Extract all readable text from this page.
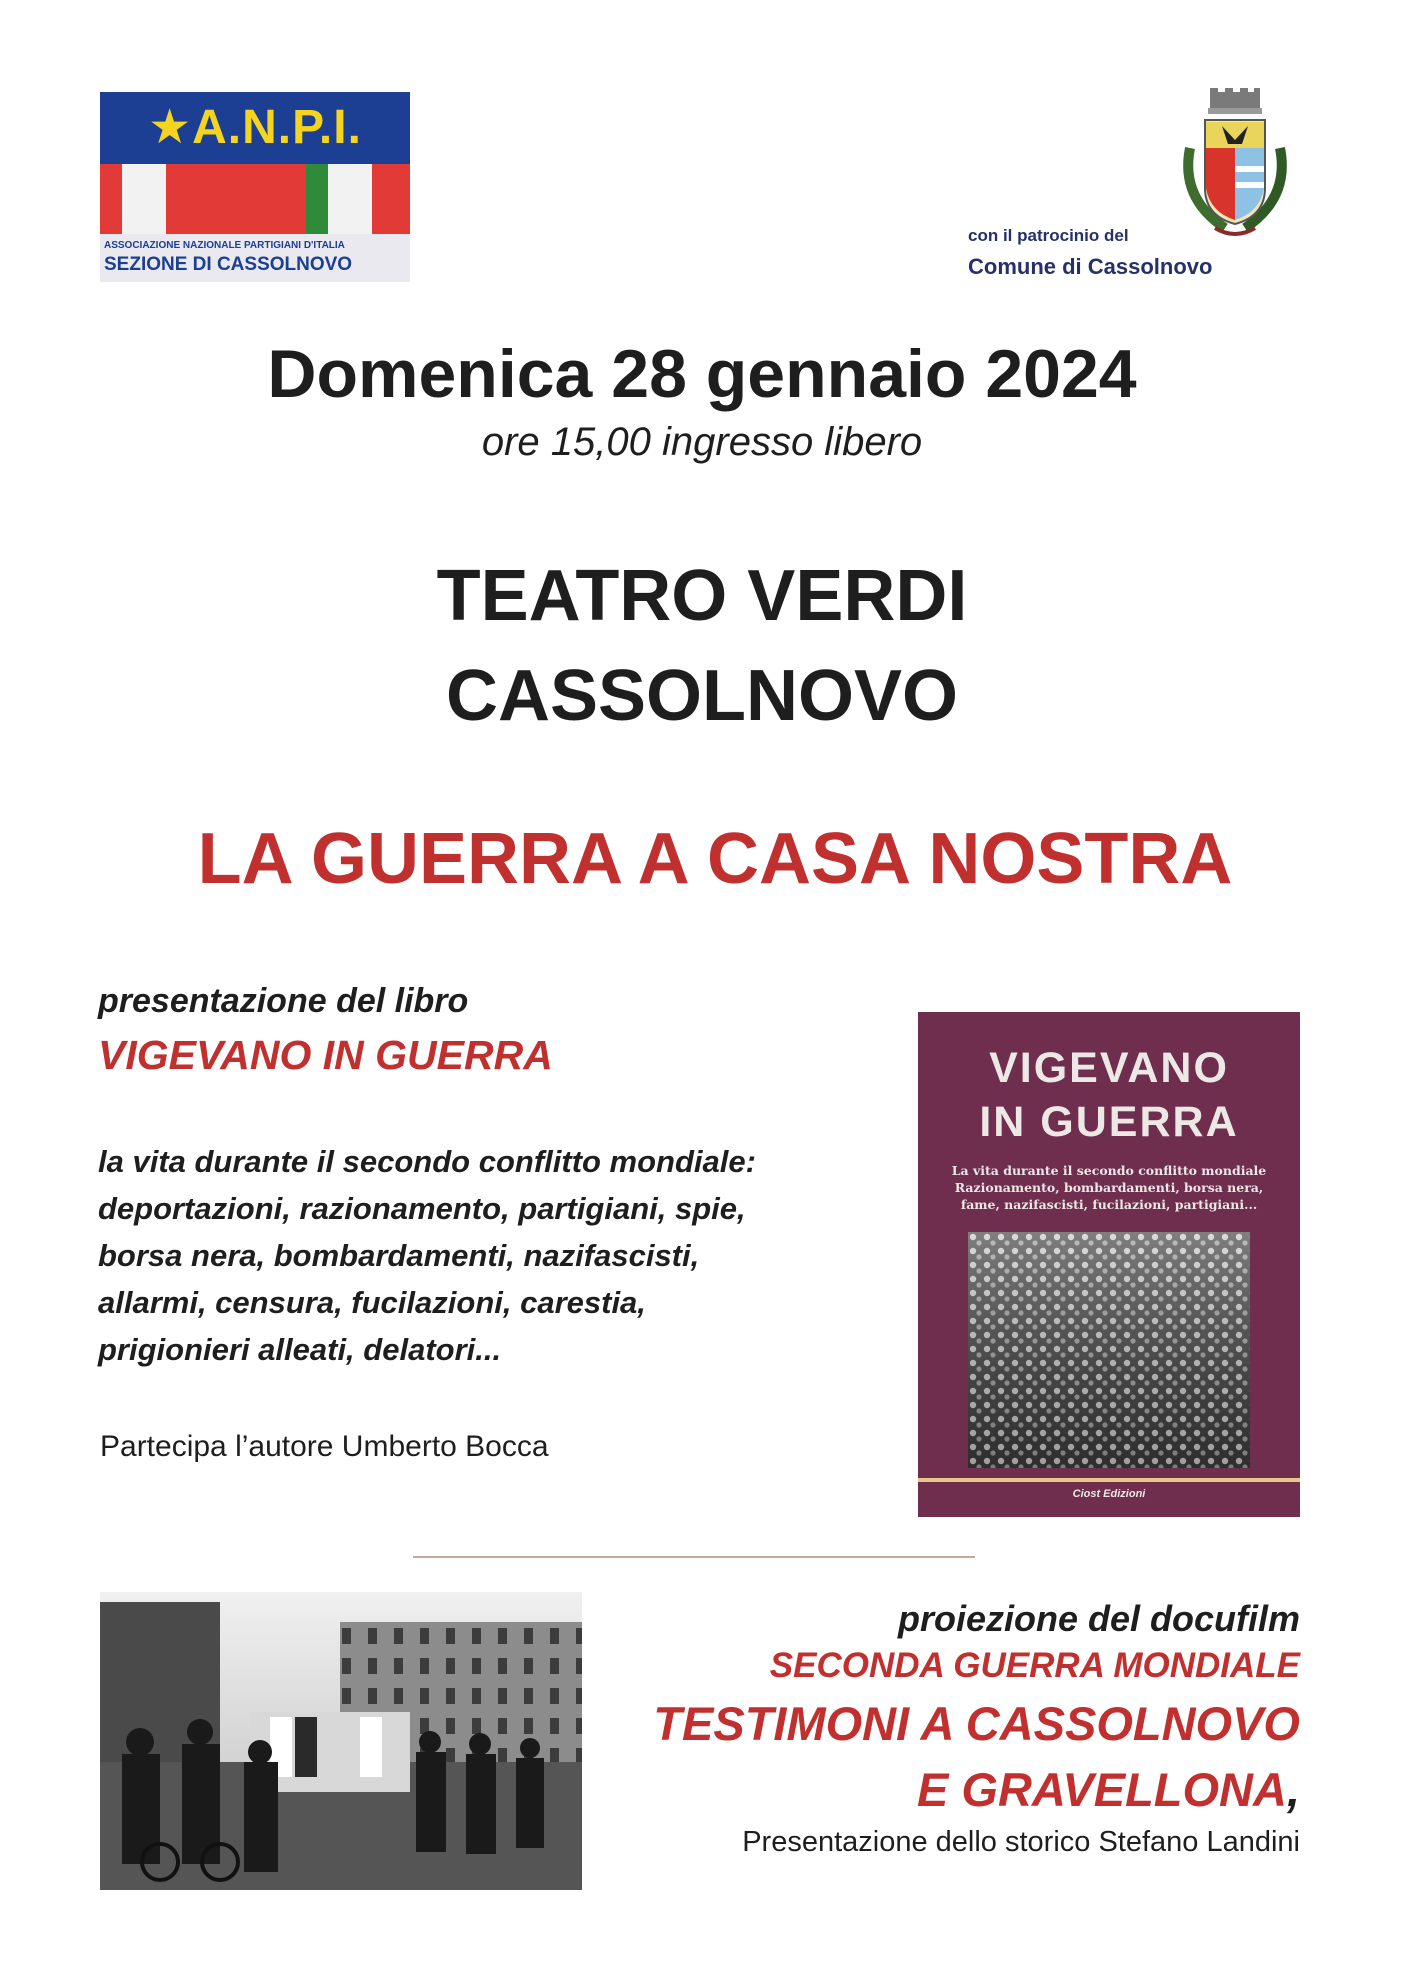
★A.N.P.I.
ASSOCIAZIONE NAZIONALE PARTIGIANI D'ITALIA
SEZIONE DI CASSOLNOVO
con il patrocinio del
Comune di Cassolnovo
Domenica 28 gennaio 2024
ore 15,00 ingresso libero
TEATRO VERDI
CASSOLNOVO
LA GUERRA A CASA NOSTRA
presentazione del libro
VIGEVANO IN GUERRA
la vita durante il secondo conflitto mondiale:
deportazioni, razionamento, partigiani, spie,
borsa nera, bombardamenti, nazifascisti,
allarmi, censura, fucilazioni, carestia,
prigionieri alleati, delatori...
Partecipa l’autore Umberto Bocca
VIGEVANO
IN GUERRA
La vita durante il secondo conflitto mondiale
Razionamento, bombardamenti, borsa nera,
fame, nazifascisti, fucilazioni, partigiani...
Ciost Edizioni
proiezione del docufilm
SECONDA GUERRA MONDIALE
TESTIMONI A CASSOLNOVO
E GRAVELLONA,
Presentazione dello storico Stefano Landini
